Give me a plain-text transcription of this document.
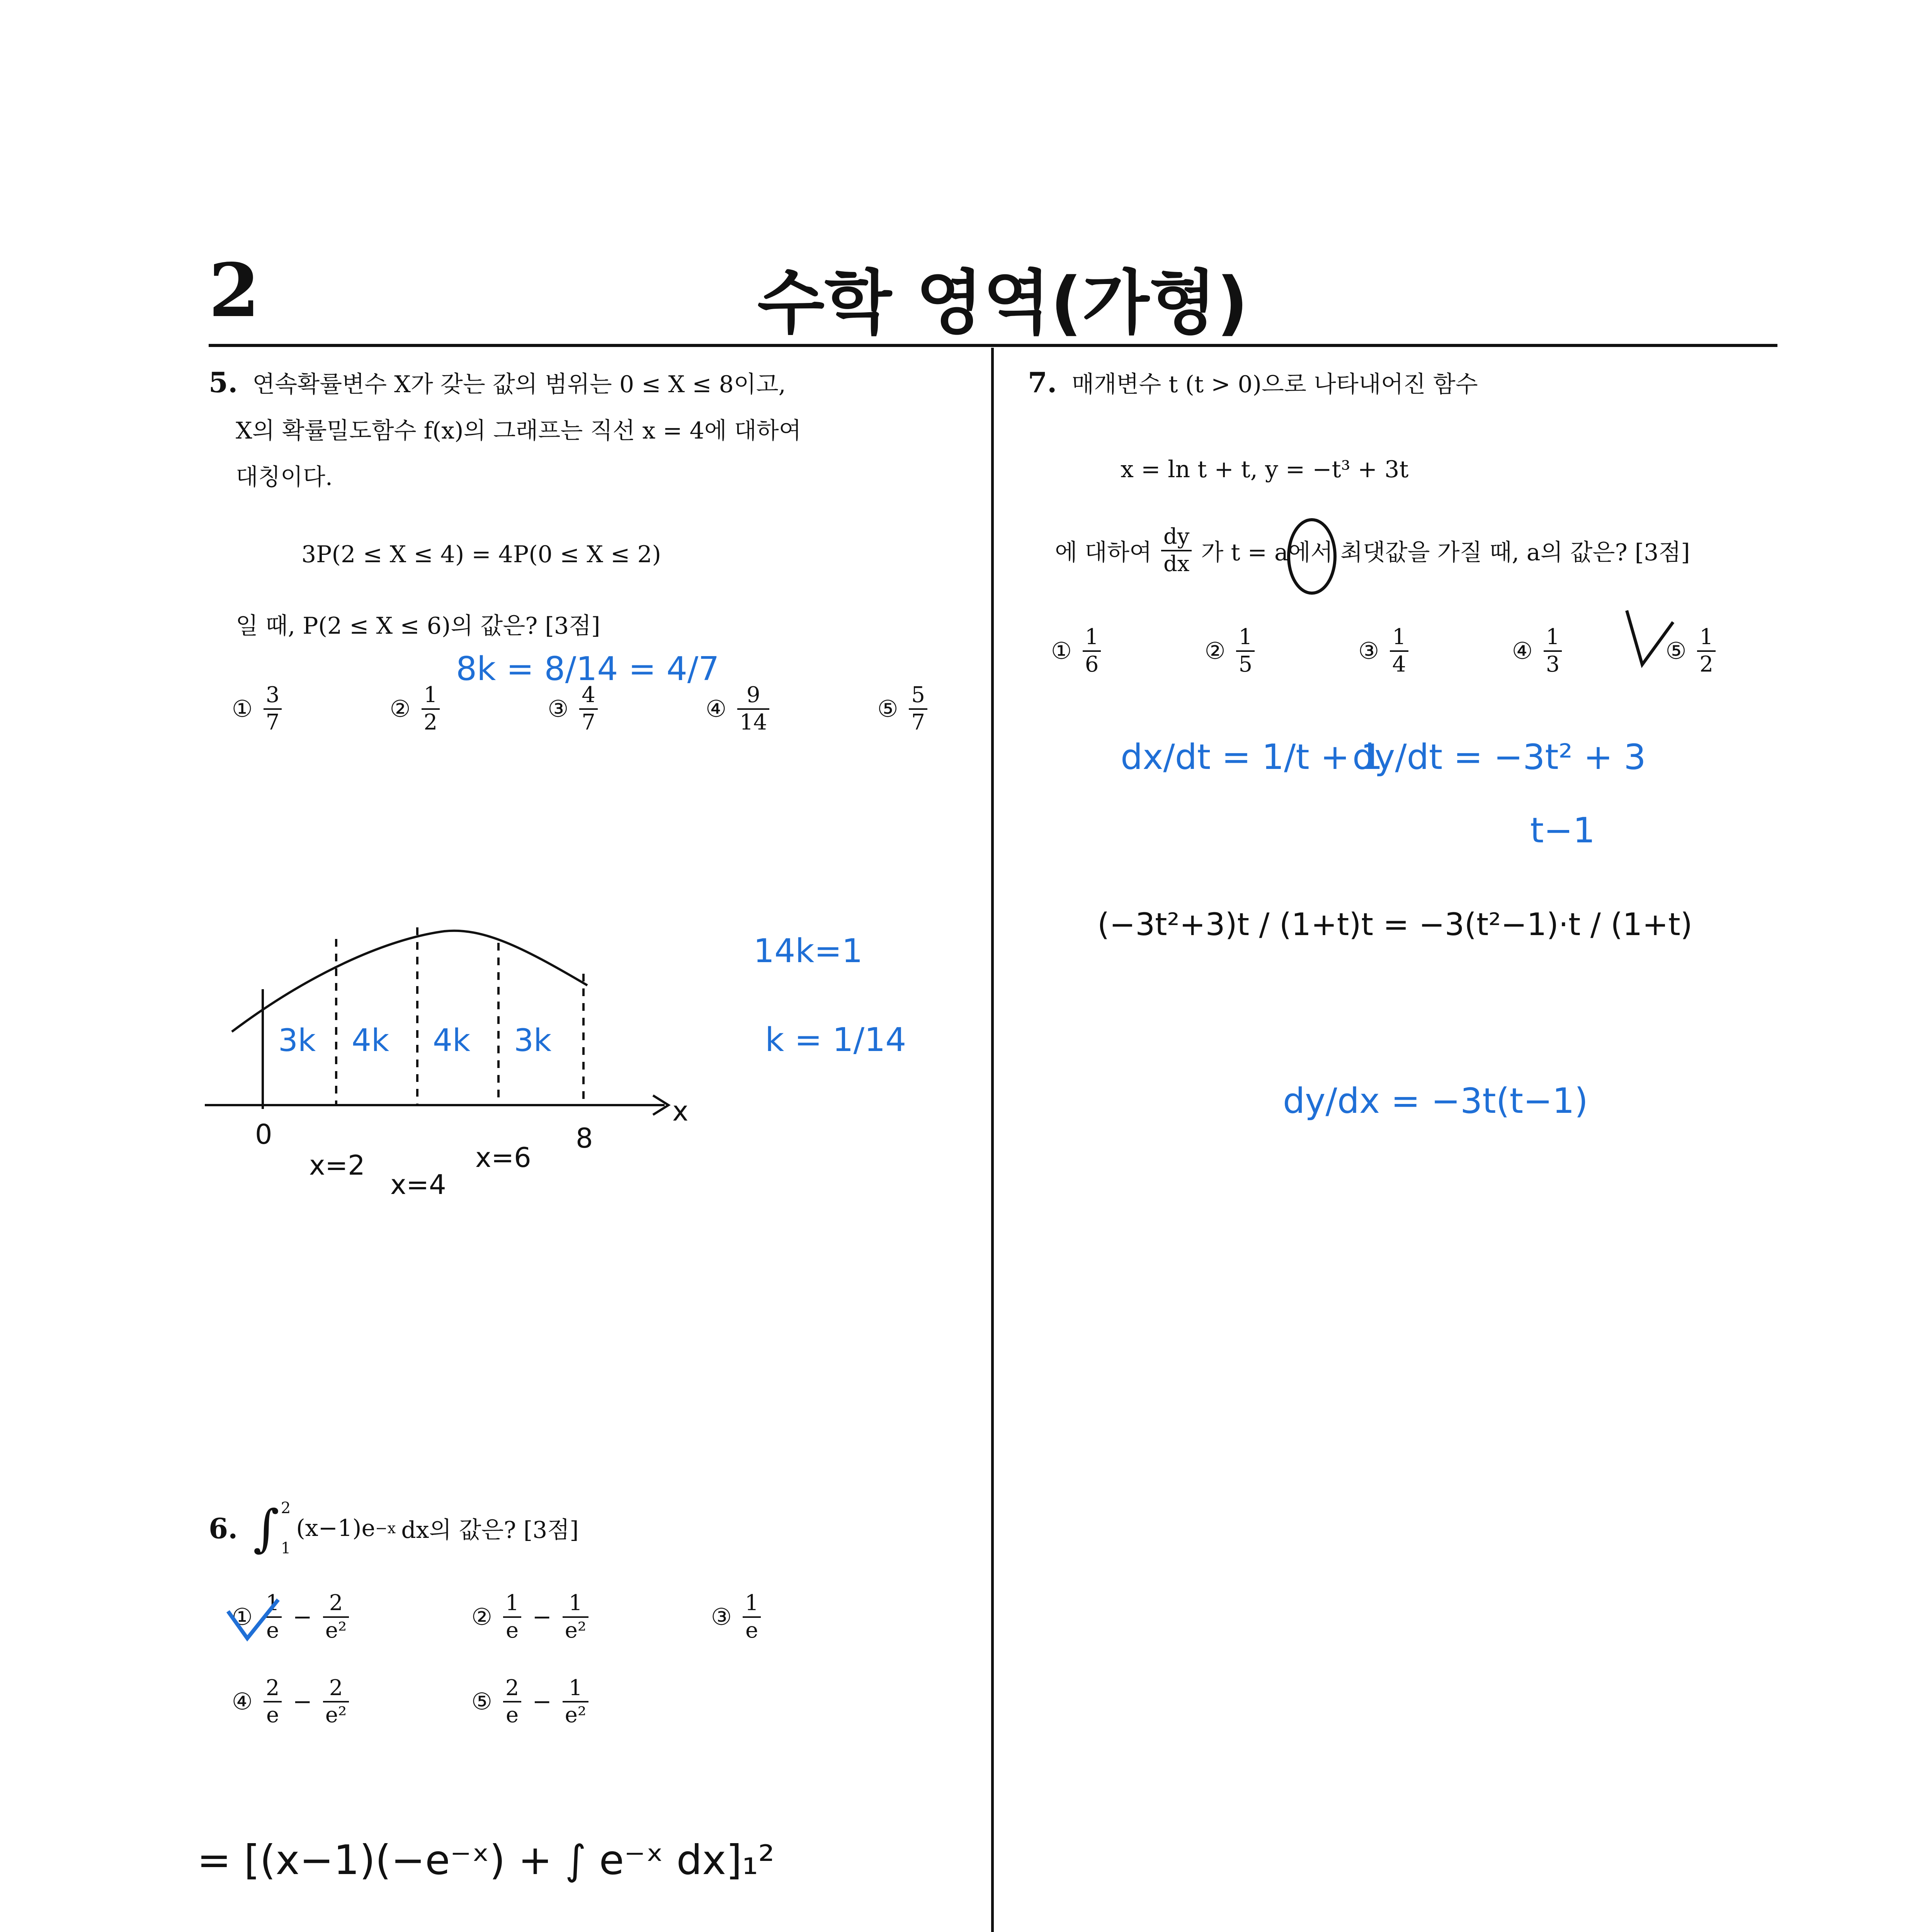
2	수학 영역(가형)
5. 연속확률변수 X가 갖는 값의 범위는 0 ≤ X ≤ 8이고,
X의 확률밀도함수 f(x)의 그래프는 직선 x = 4에 대하여
대칭이다.
3P(2 ≤ X ≤ 4) = 4P(0 ≤ X ≤ 2)
일 때, P(2 ≤ X ≤ 6)의 값은? [3점]
① $\frac{3}{7}$	② $\frac{1}{2}$	③ $\frac{4}{7}$	④ $\frac{9}{14}$	⑤ $\frac{5}{7}$
6. ∫ 2
1
(x−1)e −x dx의 값은? [3점]
① $\frac{1}{e} - \frac{2}{\text{e²}}$	② $\frac{1}{e} - \frac{1}{\text{e²}}$	③ $\frac{1}{e}$
④ $\frac{2}{e} - \frac{2}{\text{e²}}$	⑤ $\frac{2}{e} - \frac{1}{\text{e²}}$
7. 매개변수 t (t > 0)으로 나타내어진 함수
x = ln t + t, y = −t³ + 3t
에 대하여 $\frac{dy}{dx}$ 가 t = a에서 최댓값을 가질 때, a의 값은? [3점]
① $\frac{1}{6}$	② $\frac{1}{5}$	③ $\frac{1}{4}$	④ $\frac{1}{3}$	⑤ $\frac{1}{2}$
0
x=2
x=4
x=6
8
x
3k 4k 4k 3k
8k = 8/14 = 4/7
14k=1
k = 1/14
= [(x−1)(−e⁻ˣ) + ∫ e⁻ˣ dx]₁²
dx/dt = 1/t + 1
dy/dt = −3t² + 3
t−1
dy/dx = −3t(t−1)
(−3t²+3)t / (1+t)t = −3(t²−1)·t / (1+t)
